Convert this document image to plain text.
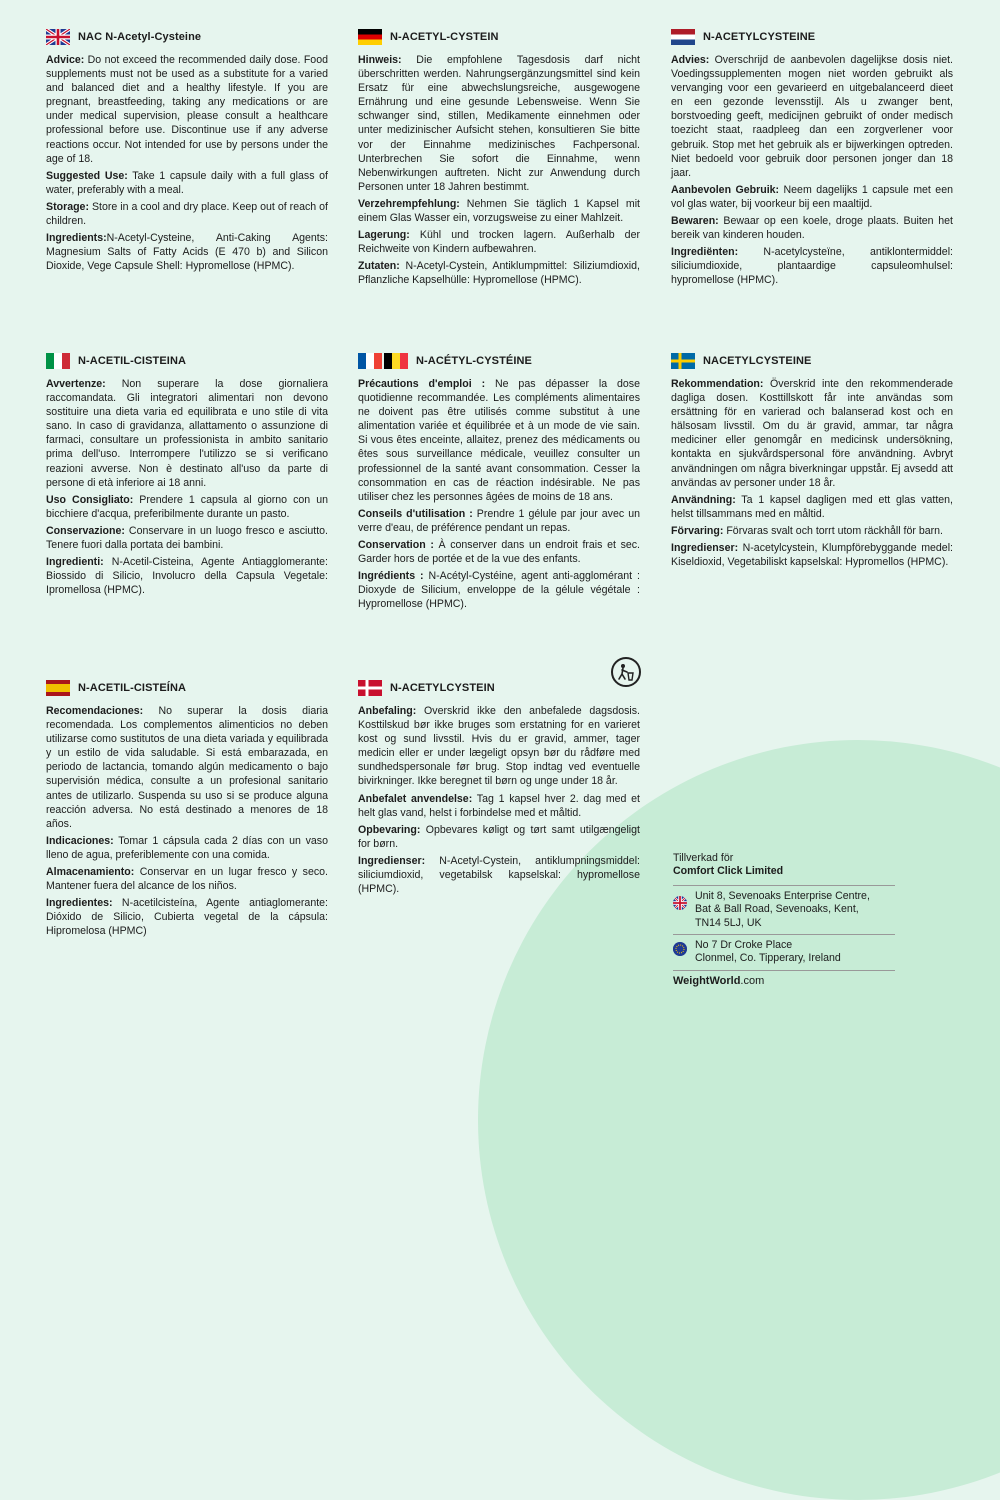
NAC N-Acetyl-Cysteine

Advice: Do not exceed the recommended daily dose. Food supplements must not be used as a substitute for a varied and balanced diet and a healthy lifestyle. If you are pregnant, breastfeeding, taking any medications or are under medical supervision, please consult a healthcare professional before use. Discontinue use if any adverse reactions occur. Not intended for use by persons under the age of 18.

Suggested Use: Take 1 capsule daily with a full glass of water, preferably with a meal.

Storage: Store in a cool and dry place. Keep out of reach of children.

Ingredients:N-Acetyl-Cysteine, Anti-Caking Agents: Magnesium Salts of Fatty Acids (E 470 b) and Silicon Dioxide, Vege Capsule Shell: Hypromellose (HPMC).

N-ACETYL-CYSTEIN

Hinweis: Die empfohlene Tagesdosis darf nicht überschritten werden. Nahrungsergänzungsmittel sind kein Ersatz für eine abwechslungsreiche, ausgewogene Ernährung und eine gesunde Lebensweise. Wenn Sie schwanger sind, stillen, Medikamente einnehmen oder unter medizinischer Aufsicht stehen, konsultieren Sie bitte vor der Einnahme medizinisches Fachpersonal. Unterbrechen Sie sofort die Einnahme, wenn Nebenwirkungen auftreten. Nicht zur Anwendung durch Personen unter 18 Jahren bestimmt.

Verzehrempfehlung: Nehmen Sie täglich 1 Kapsel mit einem Glas Wasser ein, vorzugsweise zu einer Mahlzeit.

Lagerung: Kühl und trocken lagern. Außerhalb der Reichweite von Kindern aufbewahren.

Zutaten: N-Acetyl-Cystein, Antiklumpmittel: Siliziumdioxid, Pflanzliche Kapselhülle: Hypromellose (HPMC).

N-ACETYLCYSTEINE

Advies: Overschrijd de aanbevolen dagelijkse dosis niet. Voedingssupplementen mogen niet worden gebruikt als vervanging voor een gevarieerd en uitgebalanceerd dieet en een gezonde levensstijl. Als u zwanger bent, borstvoeding geeft, medicijnen gebruikt of onder medisch toezicht staat, raadpleeg dan een zorgverlener voor gebruik. Stop met het gebruik als er bijwerkingen optreden. Niet bedoeld voor gebruik door personen jonger dan 18 jaar.

Aanbevolen Gebruik: Neem dagelijks 1 capsule met een vol glas water, bij voorkeur bij een maaltijd.

Bewaren: Bewaar op een koele, droge plaats. Buiten het bereik van kinderen houden.

Ingrediënten: N-acetylcysteïne, antiklontermiddel: siliciumdioxide, plantaardige capsuleomhulsel: hypromellose (HPMC).

N-ACETIL-CISTEINA

Avvertenze: Non superare la dose giornaliera raccomandata. Gli integratori alimentari non devono sostituire una dieta varia ed equilibrata e uno stile di vita sano. In caso di gravidanza, allattamento o assunzione di farmaci, consultare un professionista in ambito sanitario prima dell'uso. Interrompere l'utilizzo se si verificano reazioni avverse. Non è destinato all'uso da parte di persone di età inferiore ai 18 anni.

Uso Consigliato: Prendere 1 capsula al giorno con un bicchiere d'acqua, preferibilmente durante un pasto.

Conservazione: Conservare in un luogo fresco e asciutto. Tenere fuori dalla portata dei bambini.

Ingredienti: N-Acetil-Cisteina, Agente Antiagglomerante: Biossido di Silicio, Involucro della Capsula Vegetale: Ipromellosa (HPMC).

N-ACÉTYL-CYSTÉINE

Précautions d'emploi : Ne pas dépasser la dose quotidienne recommandée. Les compléments alimentaires ne doivent pas être utilisés comme substitut à une alimentation variée et équilibrée et à un mode de vie sain. Si vous êtes enceinte, allaitez, prenez des médicaments ou êtes sous surveillance médicale, veuillez consulter un professionnel de la santé avant consommation. Cesser la consommation en cas de réaction indésirable. Ne pas utiliser chez les personnes âgées de moins de 18 ans.

Conseils d'utilisation : Prendre 1 gélule par jour avec un verre d'eau, de préférence pendant un repas.

Conservation : À conserver dans un endroit frais et sec. Garder hors de portée et de la vue des enfants.

Ingrédients : N-Acétyl-Cystéine, agent anti-agglomérant : Dioxyde de Silicium, enveloppe de la gélule végétale : Hypromellose (HPMC).

NACETYLCYSTEINE

Rekommendation: Överskrid inte den rekommenderade dagliga dosen. Kosttillskott får inte användas som ersättning för en varierad och balanserad kost och en hälsosam livsstil. Om du är gravid, ammar, tar några mediciner eller genomgår en medicinsk undersökning, kontakta en sjukvårdspersonal före användning. Avbryt användningen om några biverkningar uppstår. Ej avsedd att användas av personer under 18 år.

Användning: Ta 1 kapsel dagligen med ett glas vatten, helst tillsammans med en måltid.

Förvaring: Förvaras svalt och torrt utom räckhåll för barn.

Ingredienser: N-acetylcystein, Klumpförebyggande medel: Kiseldioxid, Vegetabiliskt kapselskal: Hypromellos (HPMC).

N-ACETIL-CISTEÍNA

Recomendaciones: No superar la dosis diaria recomendada. Los complementos alimenticios no deben utilizarse como sustitutos de una dieta variada y equilibrada y un estilo de vida saludable. Si está embarazada, en periodo de lactancia, tomando algún medicamento o bajo supervisión médica, consulte a un profesional sanitario antes de utilizarlo. Suspenda su uso si se produce alguna reacción adversa. No está destinado a menores de 18 años.

Indicaciones: Tomar 1 cápsula cada 2 días con un vaso lleno de agua, preferiblemente con una comida.

Almacenamiento: Conservar en un lugar fresco y seco. Mantener fuera del alcance de los niños.

Ingredientes: N-acetilcisteína, Agente antiaglomerante: Dióxido de Silicio, Cubierta vegetal de la cápsula: Hipromelosa (HPMC)

N-ACETYLCYSTEIN

Anbefaling: Overskrid ikke den anbefalede dagsdosis. Kosttilskud bør ikke bruges som erstatning for en varieret kost og sund livsstil. Hvis du er gravid, ammer, tager medicin eller er under lægeligt opsyn bør du rådføre med sundhedspersonale før brug. Stop indtag ved eventuelle bivirkninger. Ikke beregnet til børn og unge under 18 år.

Anbefalet anvendelse: Tag 1 kapsel hver 2. dag med et helt glas vand, helst i forbindelse med et måltid.

Opbevaring: Opbevares køligt og tørt samt utilgængeligt for børn.

Ingredienser: N-Acetyl-Cystein, antiklumpningsmiddel: siliciumdioxid, vegetabilsk kapselskal: hypromellose (HPMC).

Tillverkad för

Comfort Click Limited

Unit 8, Sevenoaks Enterprise Centre,
Bat & Ball Road, Sevenoaks, Kent,
TN14 5LJ, UK
No 7 Dr Croke Place
Clonmel, Co. Tipperary, Ireland
WeightWorld.com
